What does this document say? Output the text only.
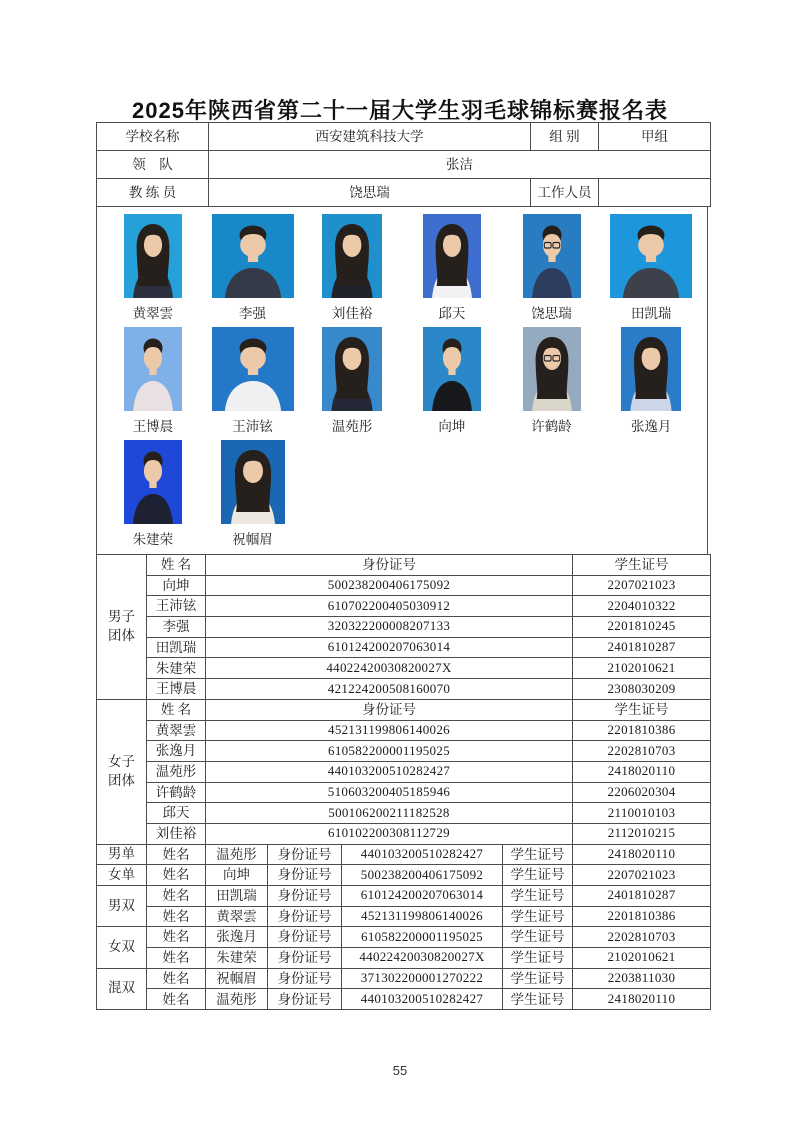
2025年陕西省第二十一届大学生羽毛球锦标赛报名表
学校名称	西安建筑科技大学	组 别	甲组
领　队	张洁		
教 练 员	饶思瑞	工作人员	
黄翠雲	李强	刘佳裕	邱天	饶思瑞	田凯瑞
王博晨	王沛铉	温苑彤	向坤	许鹤龄	张逸月
朱建荣	祝帼眉
男子团体	姓 名	身份证号	学生证号
	向坤	500238200406175092	2207021023
	王沛铉	610702200405030912	2204010322
	李强	320322200008207133	2201810245
	田凯瑞	610124200207063014	2401810287
	朱建荣	44022420030820027X	2102010621
	王博晨	421224200508160070	2308030209
女子团体	姓 名	身份证号	学生证号
	黄翠雲	452131199806140026	2201810386
	张逸月	610582200001195025	2202810703
	温苑彤	440103200510282427	2418020110
	许鹤龄	510603200405185946	2206020304
	邱天	500106200211182528	2110010103
	刘佳裕	610102200308112729	2112010215
男单	姓名	温苑彤	身份证号	440103200510282427	学生证号	2418020110
女单	姓名	向坤	身份证号	500238200406175092	学生证号	2207021023
男双	姓名	田凯瑞	身份证号	610124200207063014	学生证号	2401810287
	姓名	黄翠雲	身份证号	452131199806140026	学生证号	2201810386
女双	姓名	张逸月	身份证号	610582200001195025	学生证号	2202810703
	姓名	朱建荣	身份证号	44022420030820027X	学生证号	2102010621
混双	姓名	祝帼眉	身份证号	371302200001270222	学生证号	2203811030
	姓名	温苑彤	身份证号	440103200510282427	学生证号	2418020110
55
